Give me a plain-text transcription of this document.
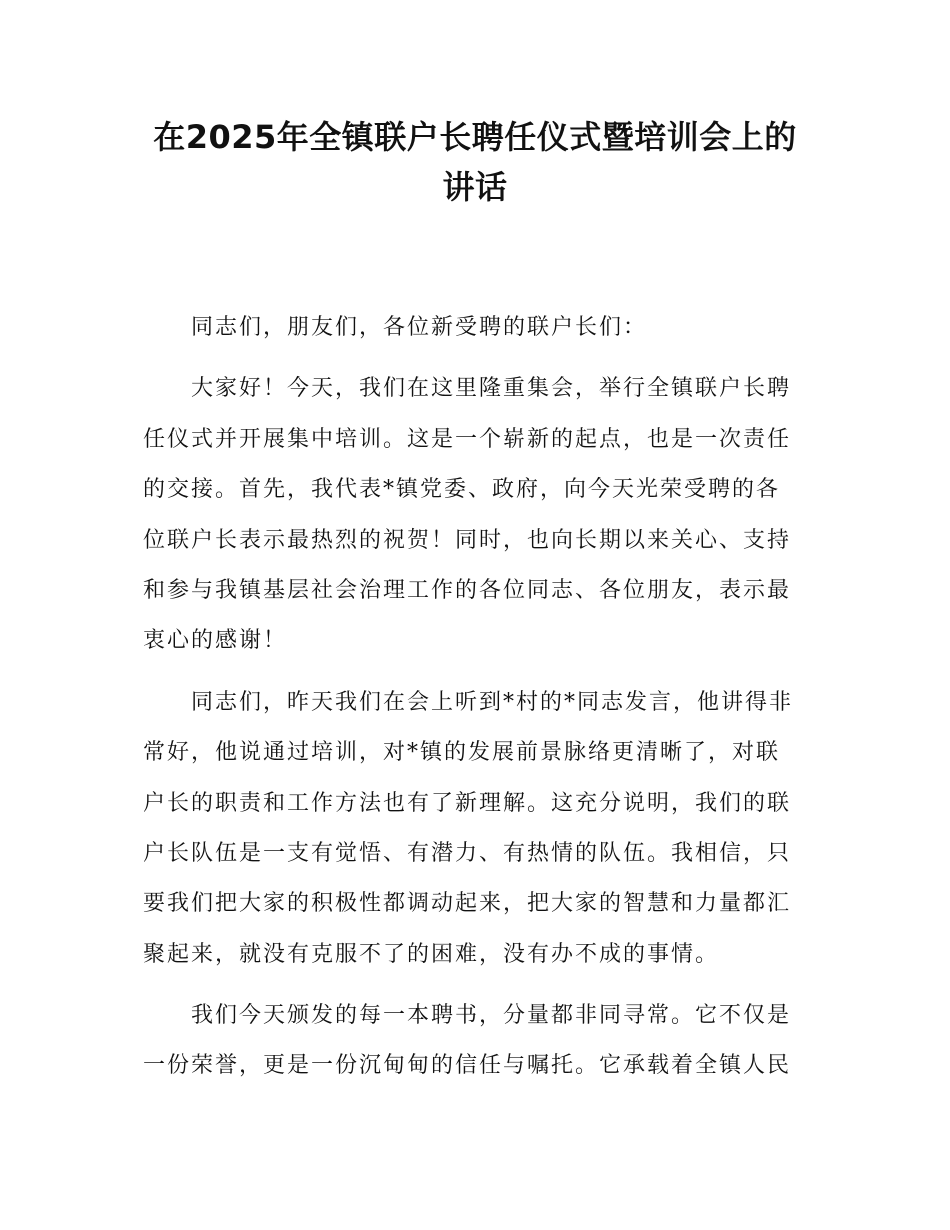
在2025年全镇联户长聘任仪式暨培训会上的
讲话
同志们，朋友们，各位新受聘的联户长们：
大家好！今天，我们在这里隆重集会，举行全镇联户长聘
任仪式并开展集中培训。这是一个崭新的起点，也是一次责任
的交接。首先，我代表*镇党委、政府，向今天光荣受聘的各
位联户长表示最热烈的祝贺！同时，也向长期以来关心、支持
和参与我镇基层社会治理工作的各位同志、各位朋友，表示最
衷心的感谢！
同志们，昨天我们在会上听到*村的*同志发言，他讲得非
常好，他说通过培训，对*镇的发展前景脉络更清晰了，对联
户长的职责和工作方法也有了新理解。这充分说明，我们的联
户长队伍是一支有觉悟、有潜力、有热情的队伍。我相信，只
要我们把大家的积极性都调动起来，把大家的智慧和力量都汇
聚起来，就没有克服不了的困难，没有办不成的事情。
我们今天颁发的每一本聘书，分量都非同寻常。它不仅是
一份荣誉，更是一份沉甸甸的信任与嘱托。它承载着全镇人民
